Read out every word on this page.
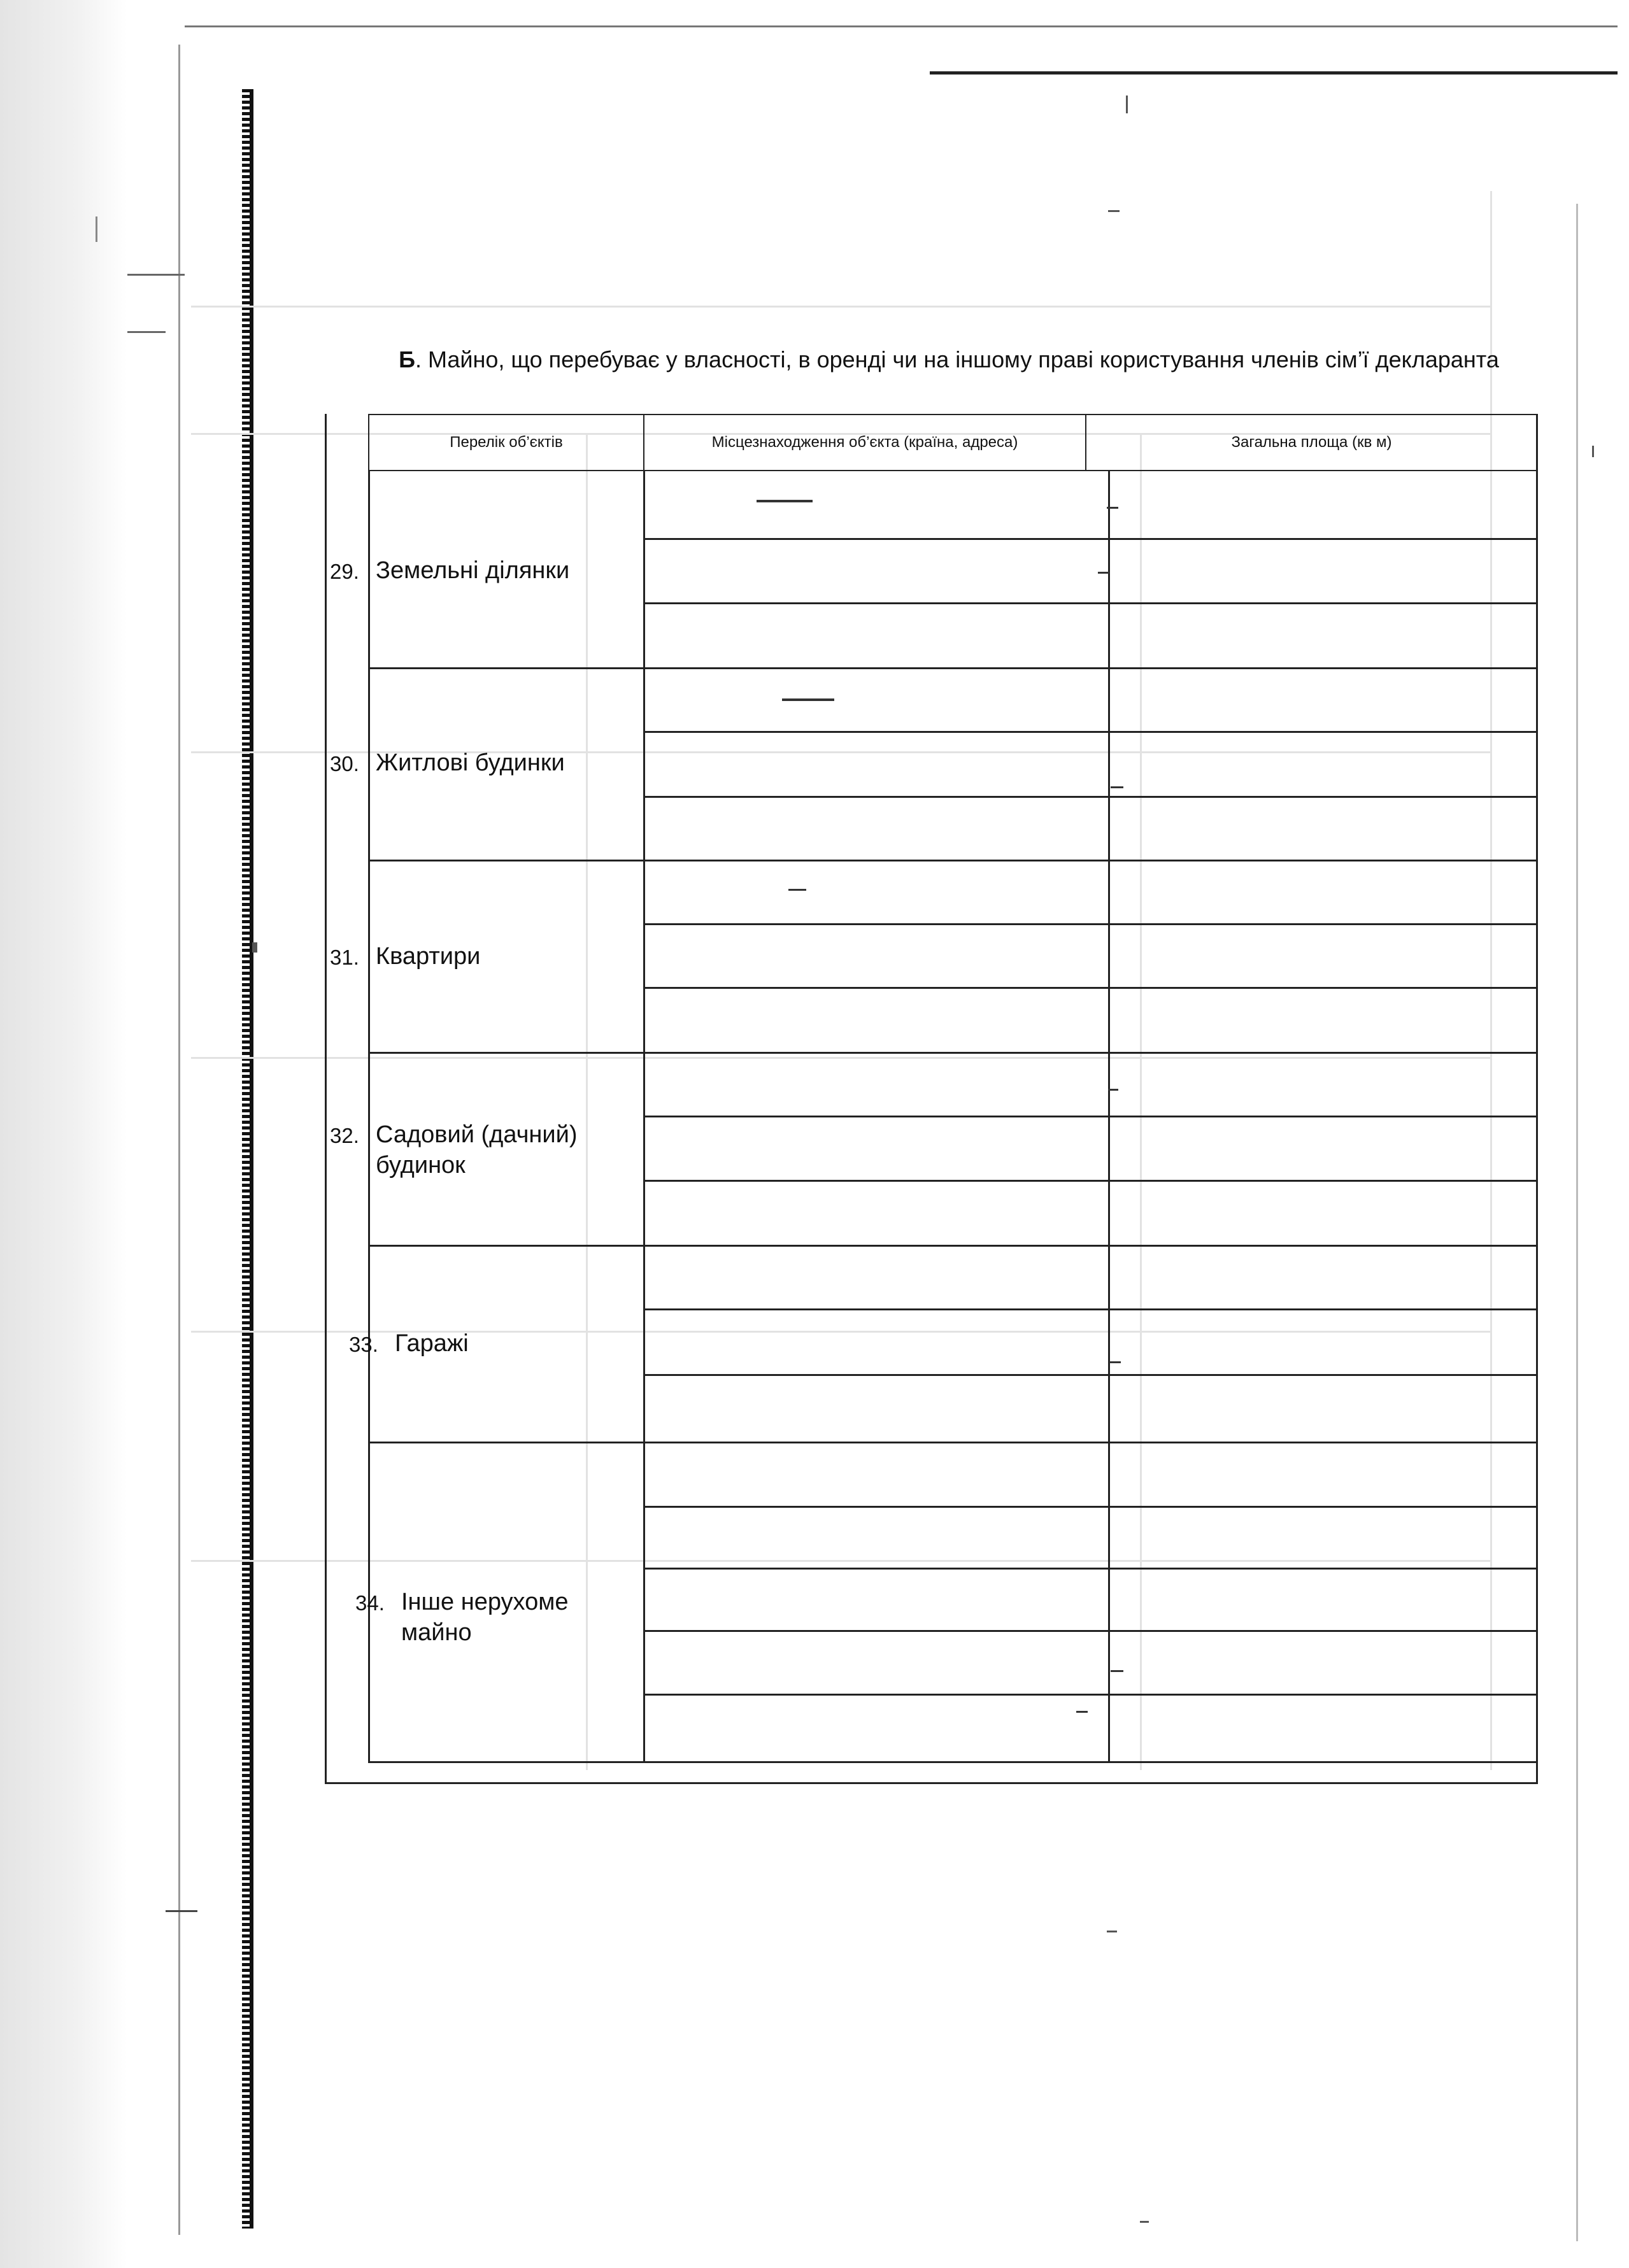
Б. Майно, що перебуває у власності, в оренді чи на іншому праві користування членів сім’ї декларанта
Перелік об’єктів	Місцезнаходження об’єкта (країна, адреса)	Загальна площа (кв м)
29. Земельні ділянки
30. Житлові будинки
31. Квартири
32. Садовий (дачний) будинок
33. Гаражі
34. Інше нерухоме майно
